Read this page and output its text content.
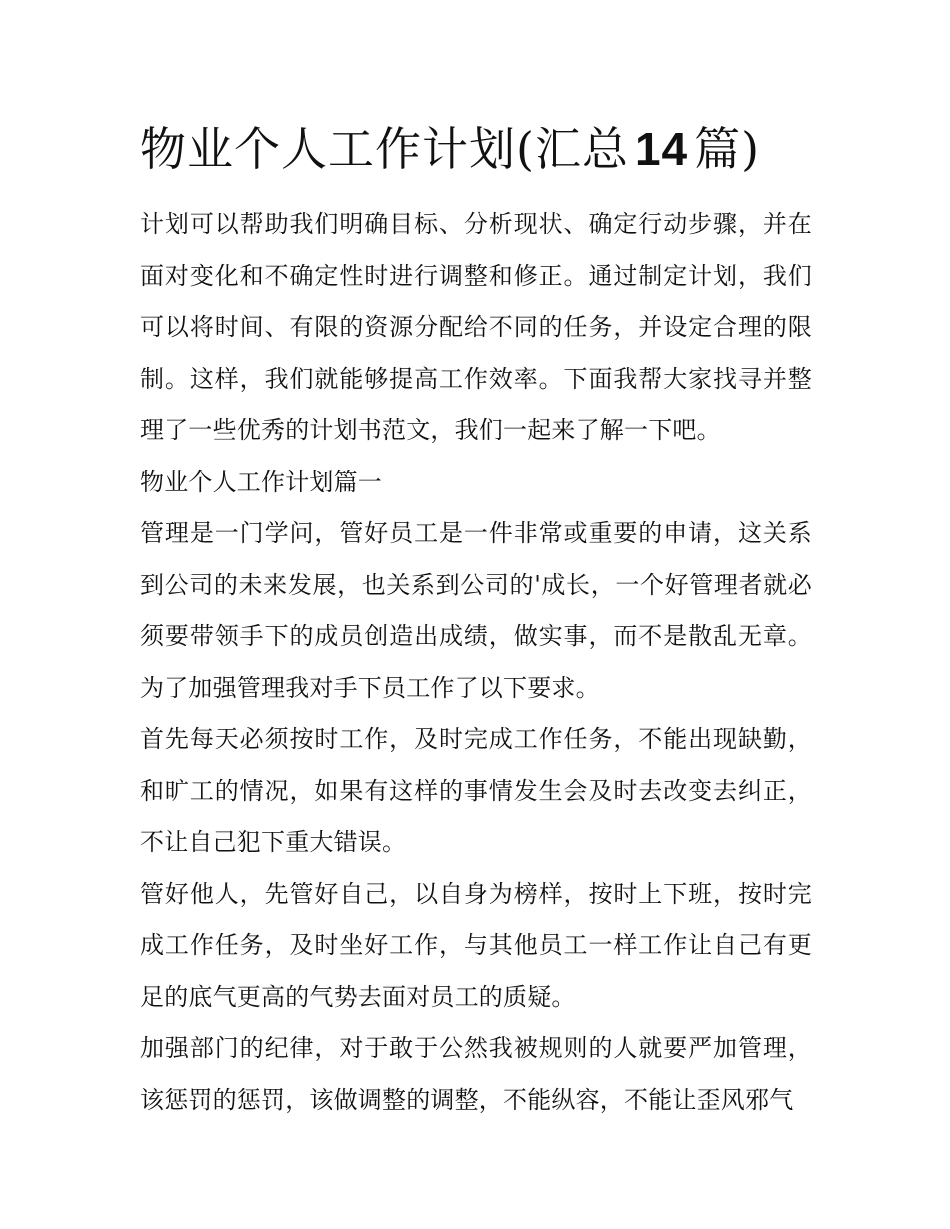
物业个人工作计划(汇总 14 篇)

计划可以帮助我们明确目标、分析现状、确定行动步骤，并在面对变化和不确定性时进行调整和修正。通过制定计划，我们可以将时间、有限的资源分配给不同的任务，并设定合理的限制。这样，我们就能够提高工作效率。下面我帮大家找寻并整理了一些优秀的计划书范文，我们一起来了解一下吧。

物业个人工作计划篇一

管理是一门学问，管好员工是一件非常或重要的申请，这关系到公司的未来发展，也关系到公司的'成长，一个好管理者就必须要带领手下的成员创造出成绩，做实事，而不是散乱无章。为了加强管理我对手下员工作了以下要求。

首先每天必须按时工作，及时完成工作任务，不能出现缺勤，和旷工的情况，如果有这样的事情发生会及时去改变去纠正，不让自己犯下重大错误。

管好他人，先管好自己，以自身为榜样，按时上下班，按时完成工作任务，及时坐好工作，与其他员工一样工作让自己有更足的底气更高的气势去面对员工的质疑。

加强部门的纪律，对于敢于公然我被规则的人就要严加管理，该惩罚的惩罚，该做调整的调整，不能纵容，不能让歪风邪气
